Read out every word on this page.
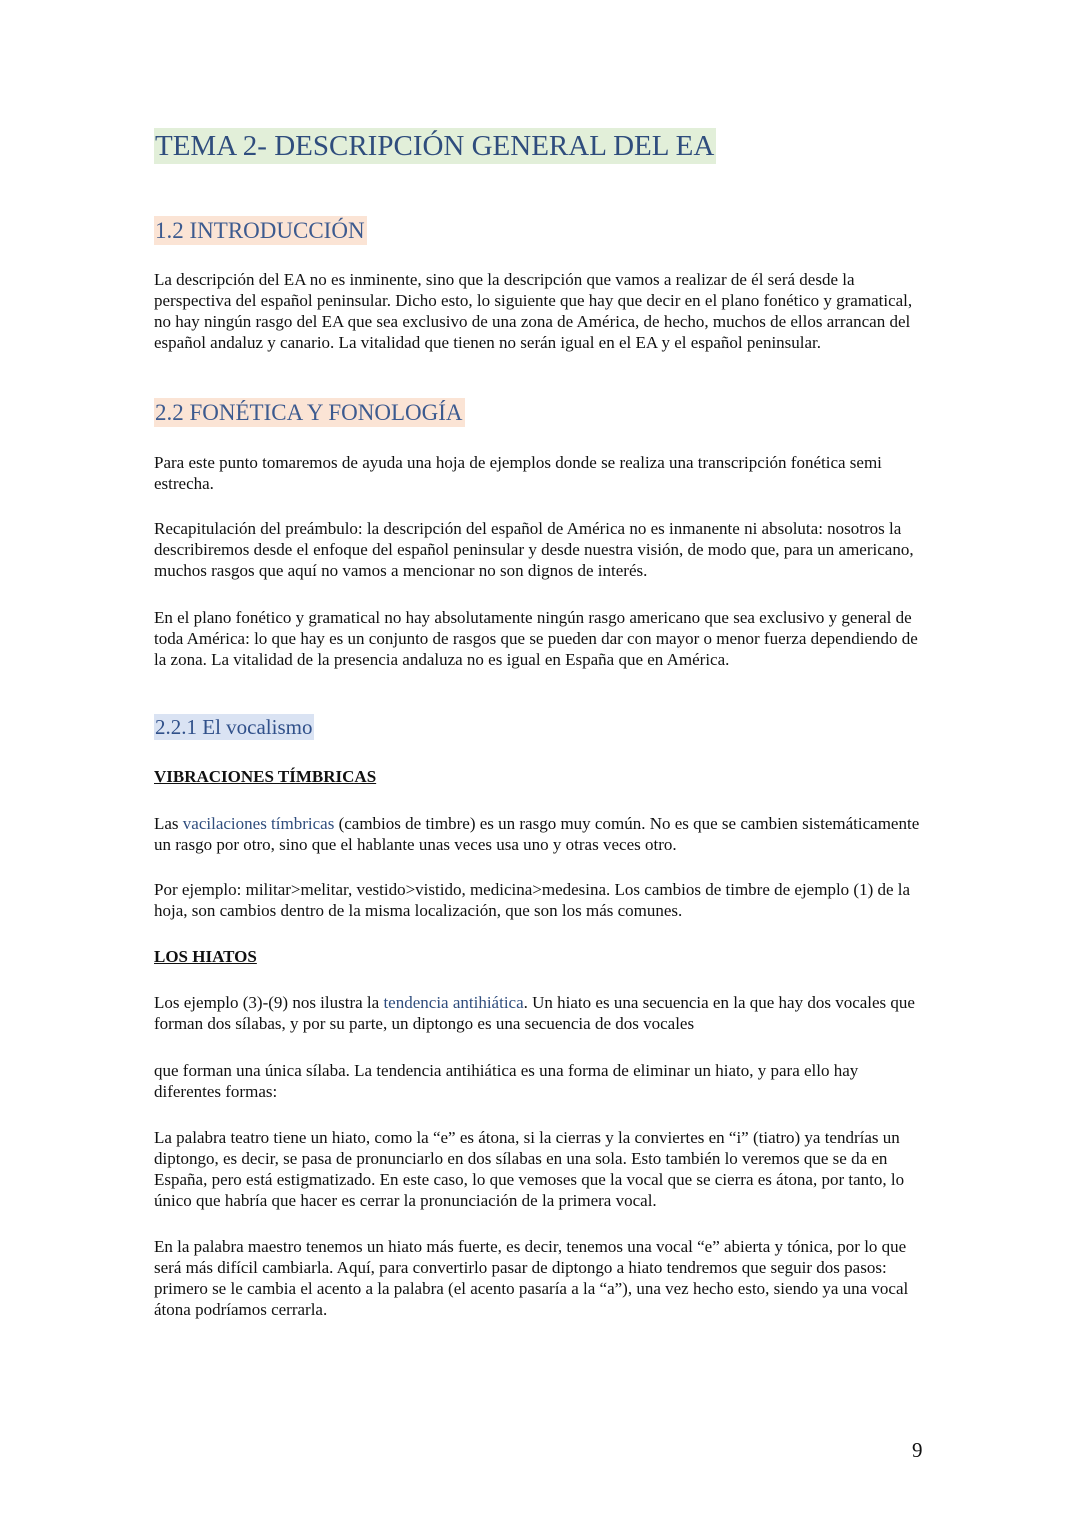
TEMA 2- DESCRIPCIÓN GENERAL DEL EA
1.2 INTRODUCCIÓN

La descripción del EA no es inminente, sino que la descripción que vamos a realizar de él será desde la perspectiva del español peninsular. Dicho esto, lo siguiente que hay que decir en el plano fonético y gramatical, no hay ningún rasgo del EA que sea exclusivo de una zona de América, de hecho, muchos de ellos arrancan del español andaluz y canario. La vitalidad que tienen no serán igual en el EA y el español peninsular.

2.2 FONÉTICA Y FONOLOGÍA

Para este punto tomaremos de ayuda una hoja de ejemplos donde se realiza una transcripción fonética semi estrecha.

Recapitulación del preámbulo: la descripción del español de América no es inmanente ni absoluta: nosotros la describiremos desde el enfoque del español peninsular y desde nuestra visión, de modo que, para un americano, muchos rasgos que aquí no vamos a mencionar no son dignos de interés.

En el plano fonético y gramatical no hay absolutamente ningún rasgo americano que sea exclusivo y general de toda América: lo que hay es un conjunto de rasgos que se pueden dar con mayor o menor fuerza dependiendo de la zona. La vitalidad de la presencia andaluza no es igual en España que en América.

2.2.1 El vocalismo
VIBRACIONES TÍMBRICAS

Las vacilaciones tímbricas (cambios de timbre) es un rasgo muy común. No es que se cambien sistemáticamente un rasgo por otro, sino que el hablante unas veces usa uno y otras veces otro.

Por ejemplo: militar>melitar, vestido>vistido, medicina>medesina. Los cambios de timbre de ejemplo (1) de la hoja, son cambios dentro de la misma localización, que son los más comunes.

LOS HIATOS

Los ejemplo (3)-(9) nos ilustra la tendencia antihiática. Un hiato es una secuencia en la que hay dos vocales que forman dos sílabas, y por su parte, un diptongo es una secuencia de dos vocales

que forman una única sílaba. La tendencia antihiática es una forma de eliminar un hiato, y para ello hay diferentes formas:

La palabra teatro tiene un hiato, como la “e” es átona, si la cierras y la conviertes en “i” (tiatro) ya tendrías un diptongo, es decir, se pasa de pronunciarlo en dos sílabas en una sola. Esto también lo veremos que se da en España, pero está estigmatizado. En este caso, lo que vemoses que la vocal que se cierra es átona, por tanto, lo único que habría que hacer es cerrar la pronunciación de la primera vocal.

En la palabra maestro tenemos un hiato más fuerte, es decir, tenemos una vocal “e” abierta y tónica, por lo que será más difícil cambiarla. Aquí, para convertirlo pasar de diptongo a hiato tendremos que seguir dos pasos: primero se le cambia el acento a la palabra (el acento pasaría a la “a”), una vez hecho esto, siendo ya una vocal átona podríamos cerrarla.

9
